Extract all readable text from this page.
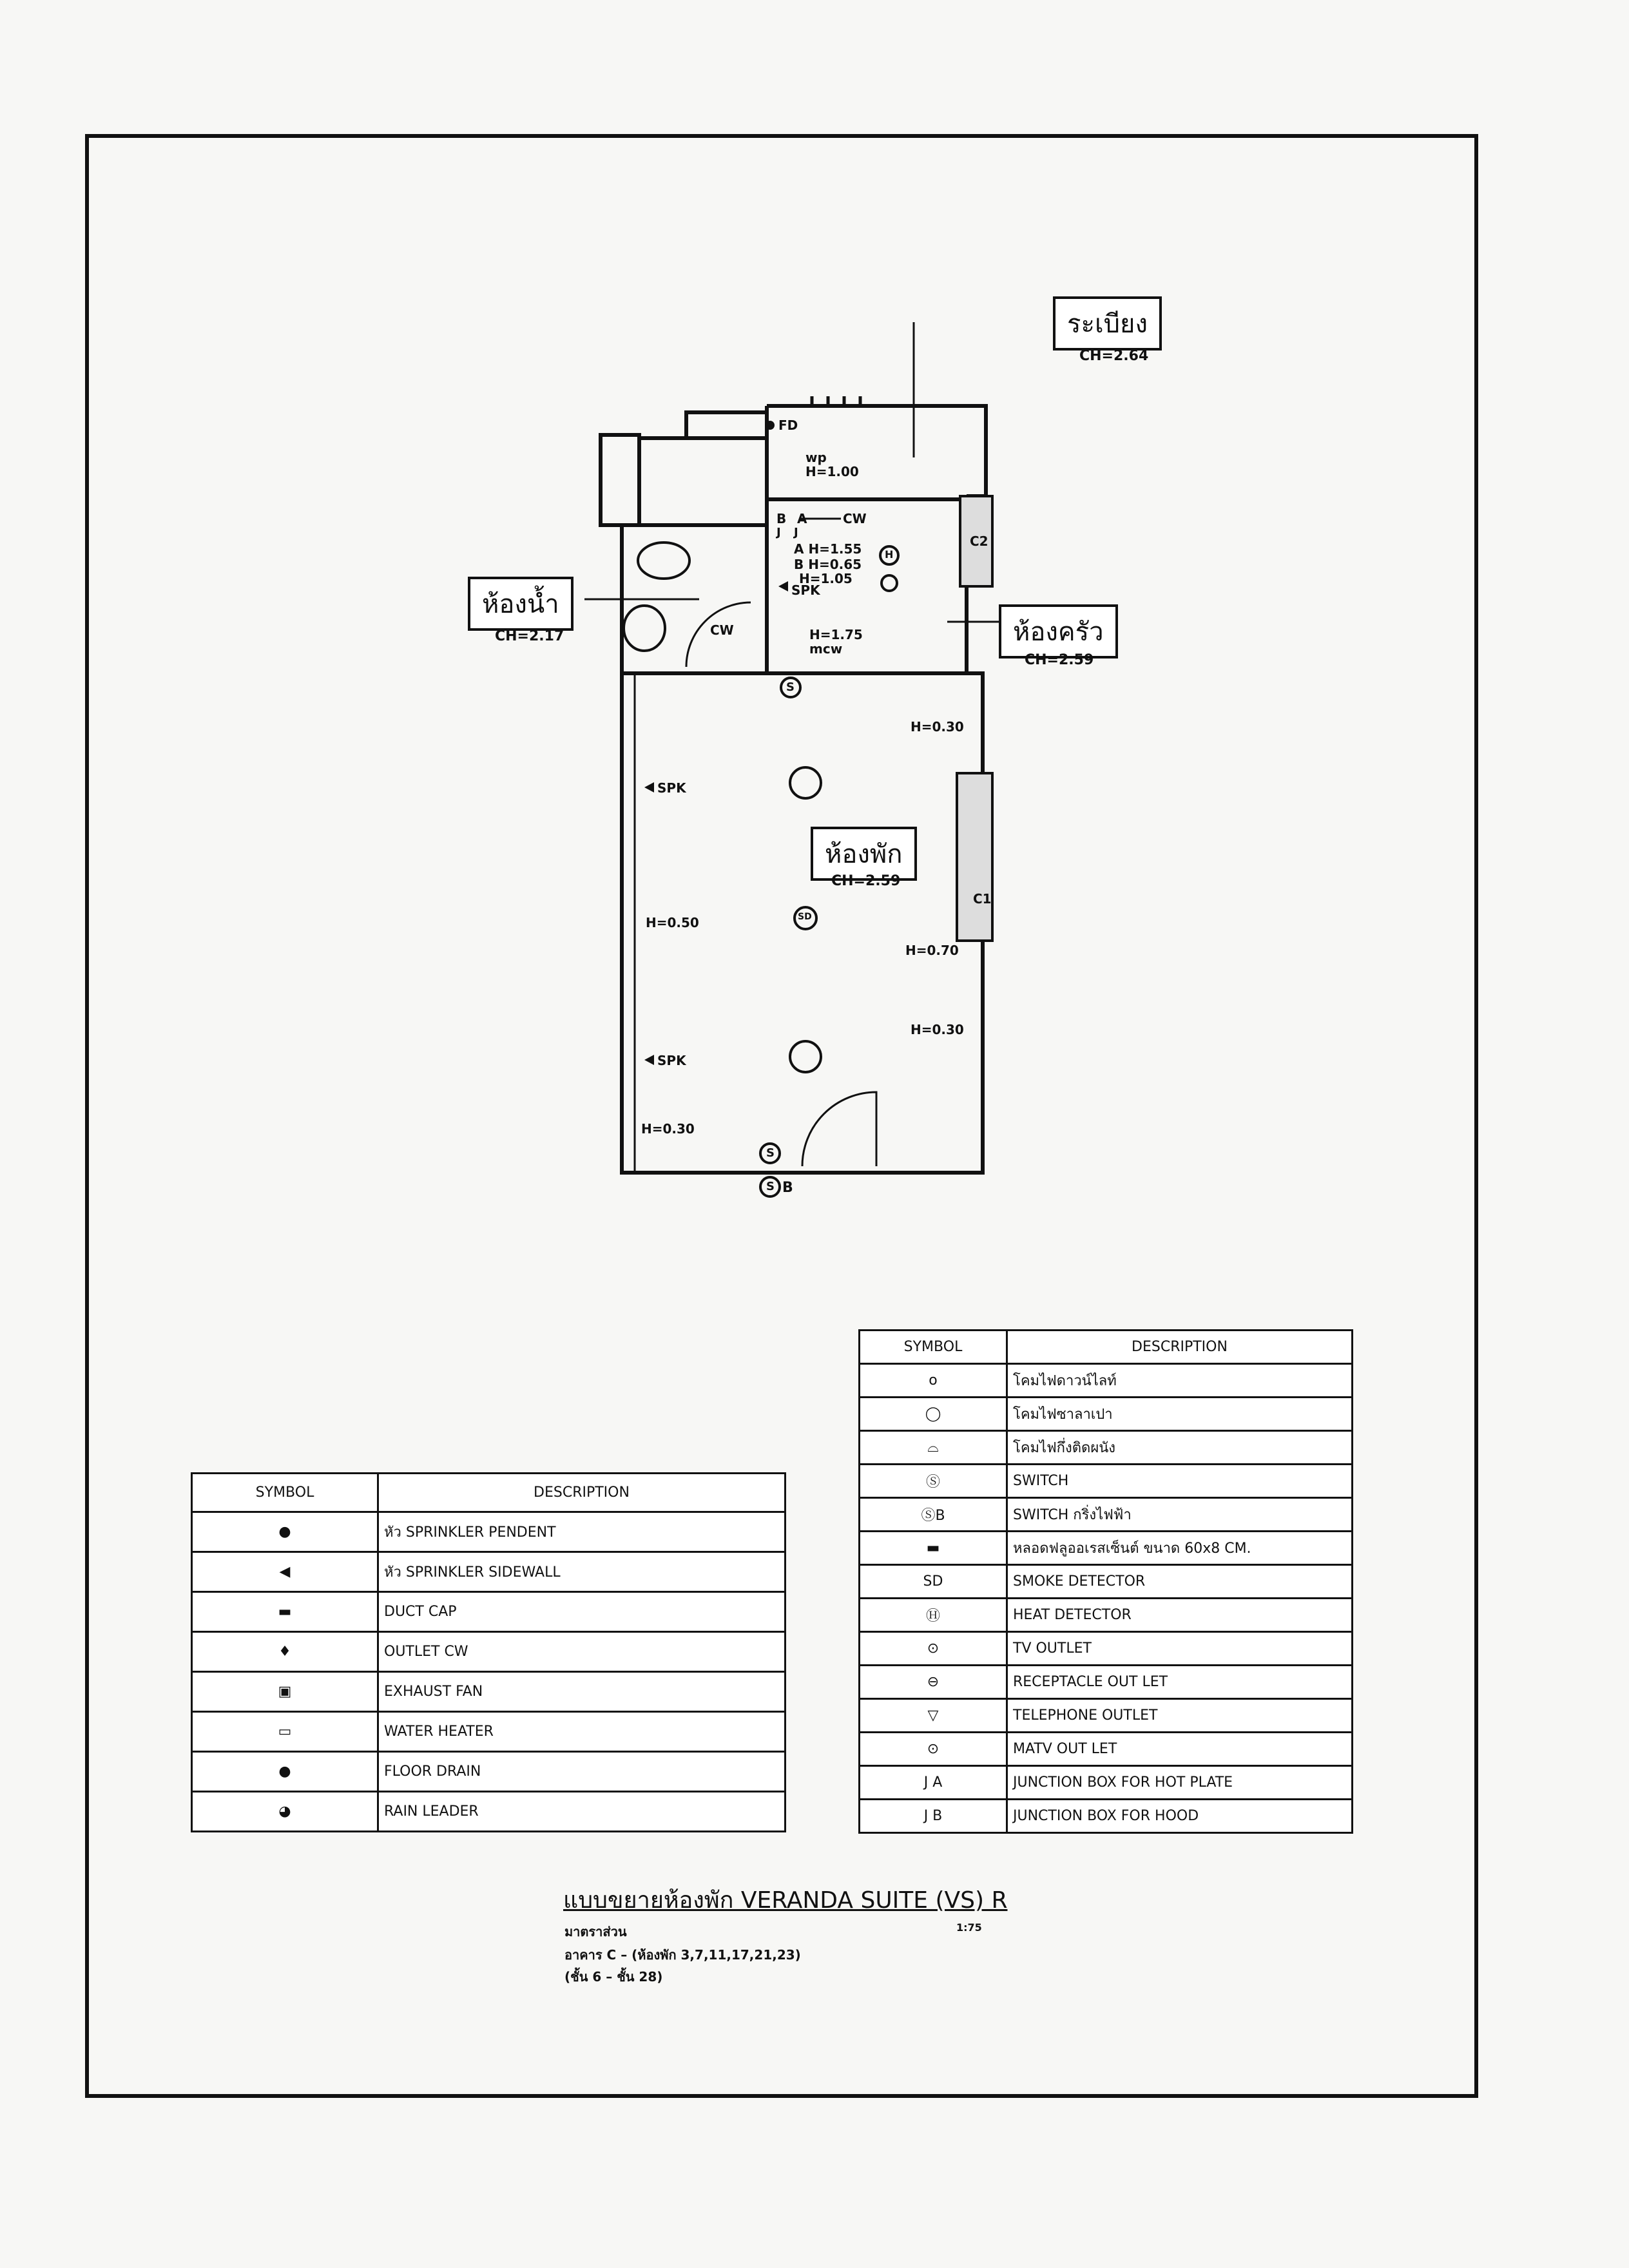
ระเบียง
CH=2.64
ห้องน้ำ
CH=2.17	ห้องครัว
CH=2.59
ห้องพัก
CH=2.59
FD
wp
H=1.00
B A	CW
A H=1.55
B H=0.65
H=1.05
SPK
CW	H=1.75
mcw
C2
C1
H=0.30
H=0.70
H=0.30
H=0.50
H=0.30
SPK
SPK
SD
S
S
S B
H
J J
SYMBOL	DESCRIPTION
●	หัว SPRINKLER PENDENT
◀	หัว SPRINKLER SIDEWALL
▬	DUCT CAP
♦	OUTLET CW
▣	EXHAUST FAN
▭	WATER HEATER
●	FLOOR DRAIN
◕	RAIN LEADER
SYMBOL	DESCRIPTION
o	โคมไฟดาวน์ไลท์
◯	โคมไฟซาลาเปา
⌓	โคมไฟกึ่งติดผนัง
Ⓢ	SWITCH
ⓈB	SWITCH กริ่งไฟฟ้า
▬	หลอดฟลูออเรสเซ็นต์ ขนาด 60x8 CM.
SD	SMOKE DETECTOR
Ⓗ	HEAT DETECTOR
⊙	TV OUTLET
⊖	RECEPTACLE OUT LET
▽	TELEPHONE OUTLET
⊙	MATV OUT LET
J A	JUNCTION BOX FOR HOT PLATE
J B	JUNCTION BOX FOR HOOD
แบบขยายห้องพัก VERANDA SUITE (VS) R
มาตราส่วน	1:75
อาคาร C – (ห้องพัก 3,7,11,17,21,23)
(ชั้น 6 – ชั้น 28)
